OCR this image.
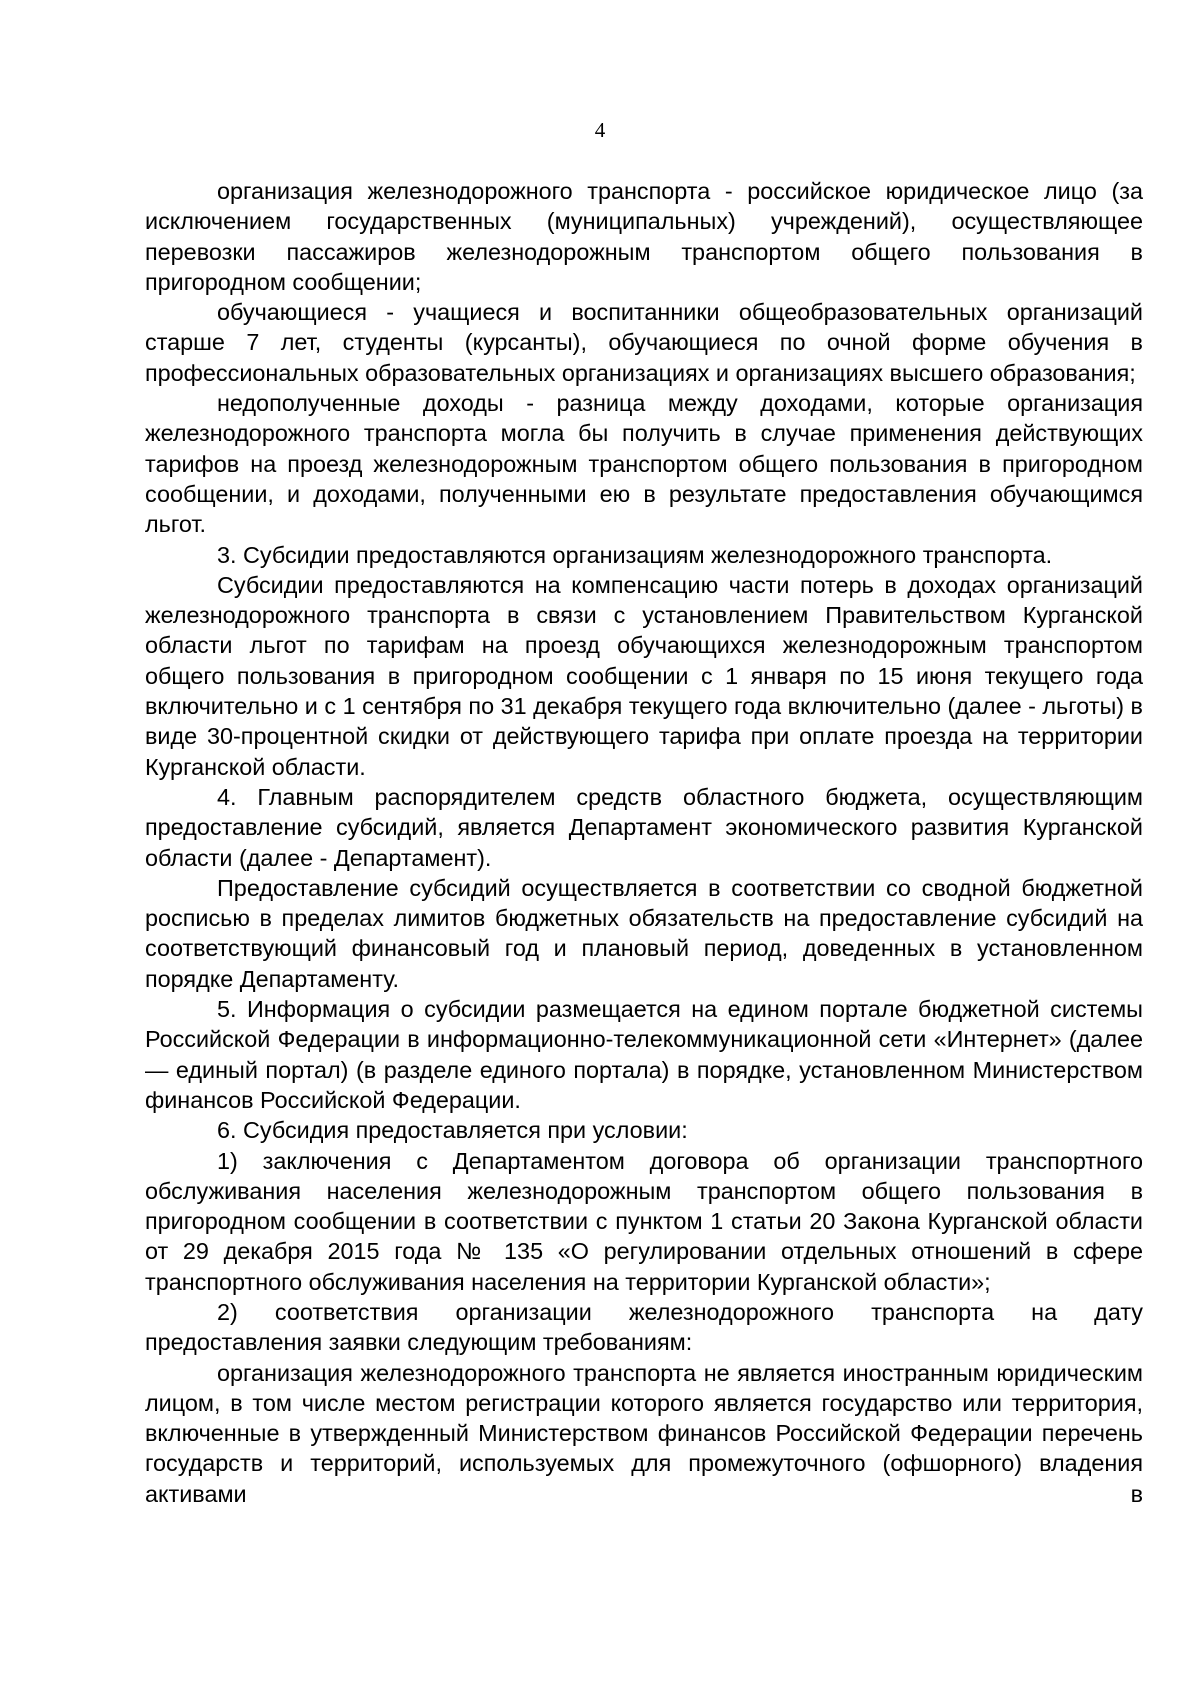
4

организация железнодорожного транспорта - российское юридическое лицо (за исключением государственных (муниципальных) учреждений), осуществляющее перевозки пассажиров железнодорожным транспортом общего пользования в пригородном сообщении;

обучающиеся - учащиеся и воспитанники общеобразовательных организаций старше 7 лет, студенты (курсанты), обучающиеся по очной форме обучения в профессиональных образовательных организациях и организациях высшего образования;

недополученные доходы - разница между доходами, которые организация железнодорожного транспорта могла бы получить в случае применения действующих тарифов на проезд железнодорожным транспортом общего пользования в пригородном сообщении, и доходами, полученными ею в результате предоставления обучающимся льгот.

3. Субсидии предоставляются организациям железнодорожного транспорта.

Субсидии предоставляются на компенсацию части потерь в доходах организаций железнодорожного транспорта в связи с установлением Правительством Курганской области льгот по тарифам на проезд обучающихся железнодорожным транспортом общего пользования в пригородном сообщении с 1 января по 15 июня текущего года включительно и с 1 сентября по 31 декабря текущего года включительно (далее - льготы) в виде 30-процентной скидки от действующего тарифа при оплате проезда на территории Курганской области.

4. Главным распорядителем средств областного бюджета, осуществляющим предоставление субсидий, является Департамент экономического развития Курганской области (далее - Департамент).

Предоставление субсидий осуществляется в соответствии со сводной бюджетной росписью в пределах лимитов бюджетных обязательств на предоставление субсидий на соответствующий финансовый год и плановый период, доведенных в установленном порядке Департаменту.

5. Информация о субсидии размещается на едином портале бюджетной системы Российской Федерации в информационно-телекоммуникационной сети «Интернет» (далее — единый портал) (в разделе единого портала) в порядке, установленном Министерством финансов Российской Федерации.

6. Субсидия предоставляется при условии:

1) заключения с Департаментом договора об организации транспортного обслуживания населения железнодорожным транспортом общего пользования в пригородном сообщении в соответствии с пунктом 1 статьи 20 Закона Курганской области от 29 декабря 2015 года № 135 «О регулировании отдельных отношений в сфере транспортного обслуживания населения на территории Курганской области»;

2) соответствия организации железнодорожного транспорта на дату предоставления заявки следующим требованиям:

организация железнодорожного транспорта не является иностранным юридическим лицом, в том числе местом регистрации которого является государство или территория, включенные в утвержденный Министерством финансов Российской Федерации перечень государств и территорий, используемых для промежуточного (офшорного) владения активами в
